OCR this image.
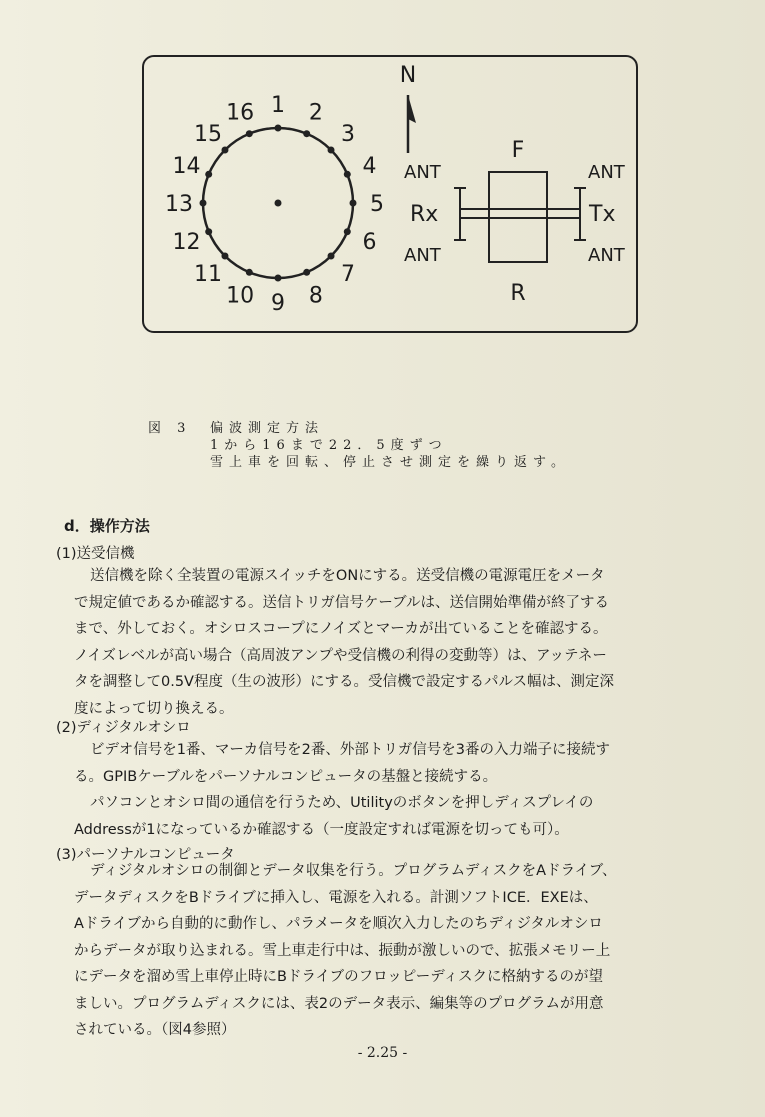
1 2
3
4
5
6
7
8
9
10
11
12
13
14
15
16
N
F
R
Rx	Tx
ANT
ANT
ANT
ANT
図 3 偏波測定方法
1から16まで22．5度ずつ
雪上車を回転、停止させ測定を繰り返す。
d．操作方法
(1)送受信機

送信機を除く全装置の電源スイッチをONにする。送受信機の電源電圧をメータ

で規定値であるか確認する。送信トリガ信号ケーブルは、送信開始準備が終了する

まで、外しておく。オシロスコープにノイズとマーカが出ていることを確認する。

ノイズレベルが高い場合（高周波アンプや受信機の利得の変動等）は、アッテネー

タを調整して0.5V程度（生の波形）にする。受信機で設定するパルス幅は、測定深

度によって切り換える。

(2)ディジタルオシロ

ビデオ信号を1番、マーカ信号を2番、外部トリガ信号を3番の入力端子に接続す

る。GPIBケーブルをパーソナルコンピュータの基盤と接続する。

パソコンとオシロ間の通信を行うため、Utilityのボタンを押しディスプレイの

Addressが1になっているか確認する（一度設定すれば電源を切っても可）。

(3)パーソナルコンピュータ

ディジタルオシロの制御とデータ収集を行う。プログラムディスクをAドライブ、

データディスクをBドライブに挿入し、電源を入れる。計測ソフトICE．EXEは、

Aドライブから自動的に動作し、パラメータを順次入力したのちディジタルオシロ

からデータが取り込まれる。雪上車走行中は、振動が激しいので、拡張メモリー上

にデータを溜め雪上車停止時にBドライブのフロッピーディスクに格納するのが望

ましい。プログラムディスクには、表2のデータ表示、編集等のプログラムが用意

されている。（図4参照）

- 2.25 -
